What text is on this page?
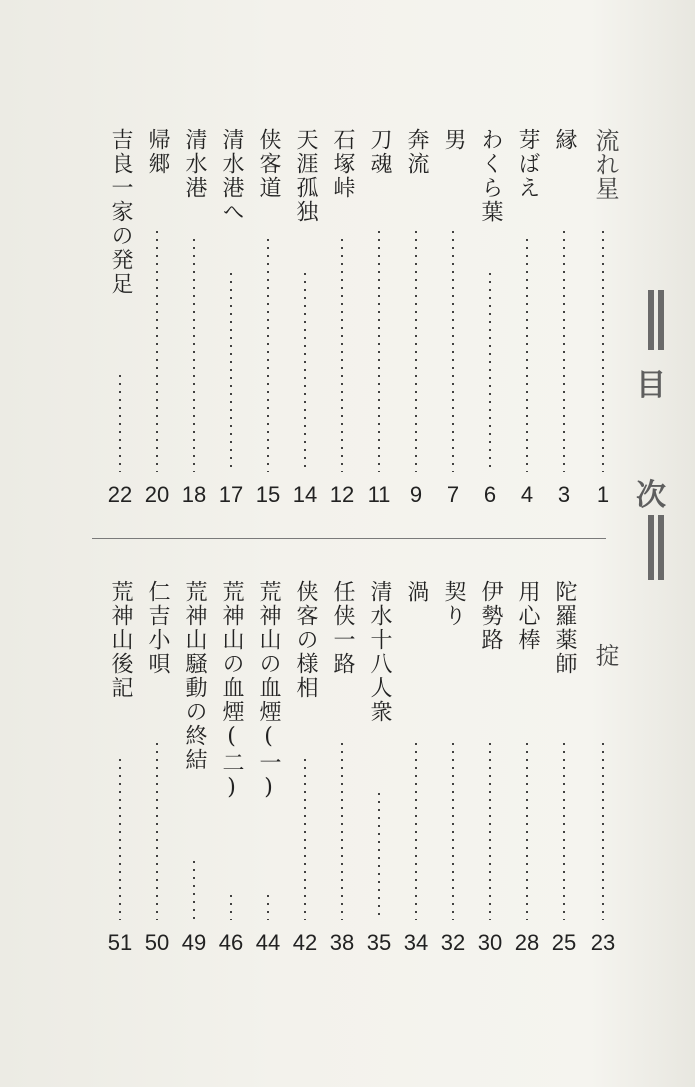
目
次
流れ星
1
縁
3
芽ばえ
4
わくら葉
6
男
7
奔流
9
刀魂
11
石塚峠
12
天涯孤独
14
侠客道
15
清水港へ
17
清水港
18
帰郷
20
吉良一家の発足
22
掟
23
陀羅薬師
25
用心棒
28
伊勢路
30
契り
32
渦
34
清水十八人衆
35
任侠一路
38
侠客の様相
42
荒神山の血煙(一)
44
荒神山の血煙(二)
46
荒神山騒動の終結
49
仁吉小唄
50
荒神山後記
51
